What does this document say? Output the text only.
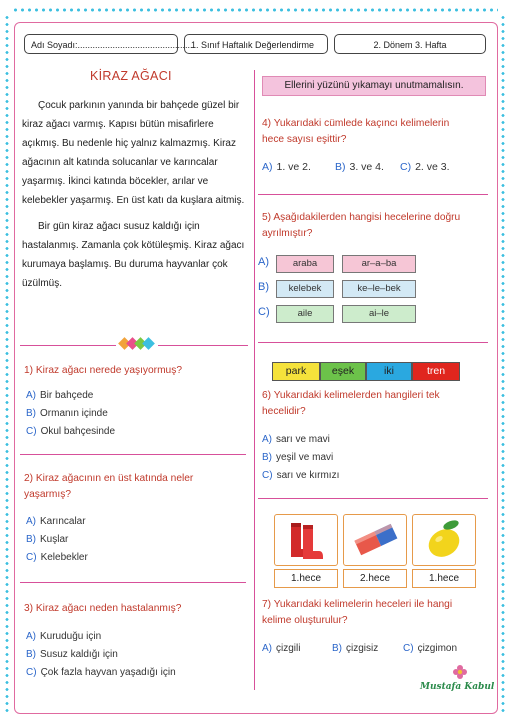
Adı Soyadı:...............................................
1. Sınıf Haftalık Değerlendirme	2. Dönem 3. Hafta
KİRAZ AĞACI

Çocuk parkının yanında bir bahçede güzel bir kiraz ağacı varmış. Kapısı bütün misafirlere açıkmış. Bu nedenle hiç yalnız kalmazmış. Kiraz ağacının alt katında solucanlar ve karıncalar yaşarmış. İkinci katında böcekler, arılar ve kelebekler yaşarmış. En üst katı da kuşlara aitmiş.

Bir gün kiraz ağacı susuz kaldığı için hastalanmış. Zamanla çok kötüleşmiş. Kiraz ağacı kurumaya başlamış. Bu duruma hayvanlar çok üzülmüş.

1) Kiraz ağacı nerede yaşıyormuş?
A) Bir bahçede
B) Ormanın içinde
C) Okul bahçesinde
2) Kiraz ağacının en üst katında neler
yaşarmış?
A) Karıncalar
B) Kuşlar
C) Kelebekler
3) Kiraz ağacı neden hastalanmış?
A) Kuruduğu için
B) Susuz kaldığı için
C) Çok fazla hayvan yaşadığı için
Ellerini yüzünü yıkamayı unutmamalısın.
4) Yukarıdaki cümlede kaçıncı kelimelerin
hece sayısı eşittir?
A) 1. ve 2. B) 3. ve 4. C) 2. ve 3.
5) Aşağıdakilerden hangisi hecelerine doğru
ayrılmıştır?
A)	araba	ar–a–ba
B)	kelebek	ke–le–bek
C)	aile	ai–le
park	eşek	iki	tren
6) Yukarıdaki kelimelerden hangileri tek
hecelidir?
A) sarı ve mavi
B) yeşil ve mavi
C) sarı ve kırmızı
1.hece	2.hece	1.hece
7) Yukarıdaki kelimelerin heceleri ile hangi
kelime oluşturulur?
A) çizgili	B) çizgisiz C) çizgimon
Mustafa Kabul
